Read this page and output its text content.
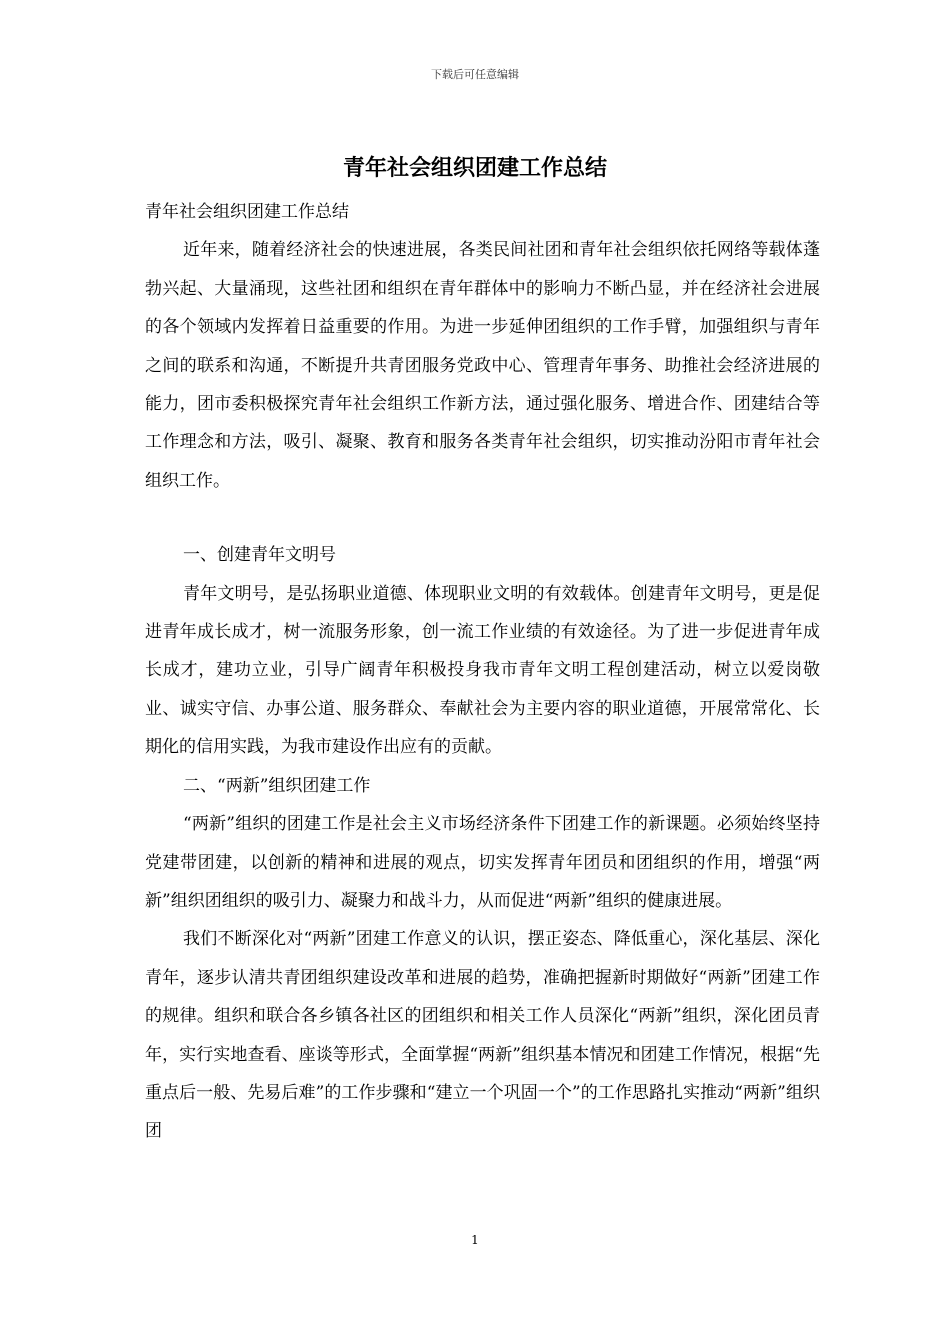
下载后可任意编辑
青年社会组织团建工作总结

青年社会组织团建工作总结

近年来，随着经济社会的快速进展，各类民间社团和青年社会组织依托网络等载体蓬勃兴起、大量涌现，这些社团和组织在青年群体中的影响力不断凸显，并在经济社会进展的各个领域内发挥着日益重要的作用。为进一步延伸团组织的工作手臂，加强组织与青年之间的联系和沟通，不断提升共青团服务党政中心、管理青年事务、助推社会经济进展的能力，团市委积极探究青年社会组织工作新方法，通过强化服务、增进合作、团建结合等工作理念和方法，吸引、凝聚、教育和服务各类青年社会组织，切实推动汾阳市青年社会组织工作。

一、创建青年文明号

青年文明号，是弘扬职业道德、体现职业文明的有效载体。创建青年文明号，更是促进青年成长成才，树一流服务形象，创一流工作业绩的有效途径。为了进一步促进青年成长成才，建功立业，引导广阔青年积极投身我市青年文明工程创建活动，树立以爱岗敬业、诚实守信、办事公道、服务群众、奉献社会为主要内容的职业道德，开展常常化、长期化的信用实践，为我市建设作出应有的贡献。

二、“两新”组织团建工作

“两新”组织的团建工作是社会主义市场经济条件下团建工作的新课题。必须始终坚持党建带团建，以创新的精神和进展的观点，切实发挥青年团员和团组织的作用，增强“两新”组织团组织的吸引力、凝聚力和战斗力，从而促进“两新”组织的健康进展。

我们不断深化对“两新”团建工作意义的认识，摆正姿态、降低重心，深化基层、深化青年，逐步认清共青团组织建设改革和进展的趋势，准确把握新时期做好“两新”团建工作的规律。组织和联合各乡镇各社区的团组织和相关工作人员深化“两新”组织，深化团员青年，实行实地查看、座谈等形式，全面掌握“两新”组织基本情况和团建工作情况，根据“先重点后一般、先易后难”的工作步骤和“建立一个巩固一个”的工作思路扎实推动“两新”组织团

1
